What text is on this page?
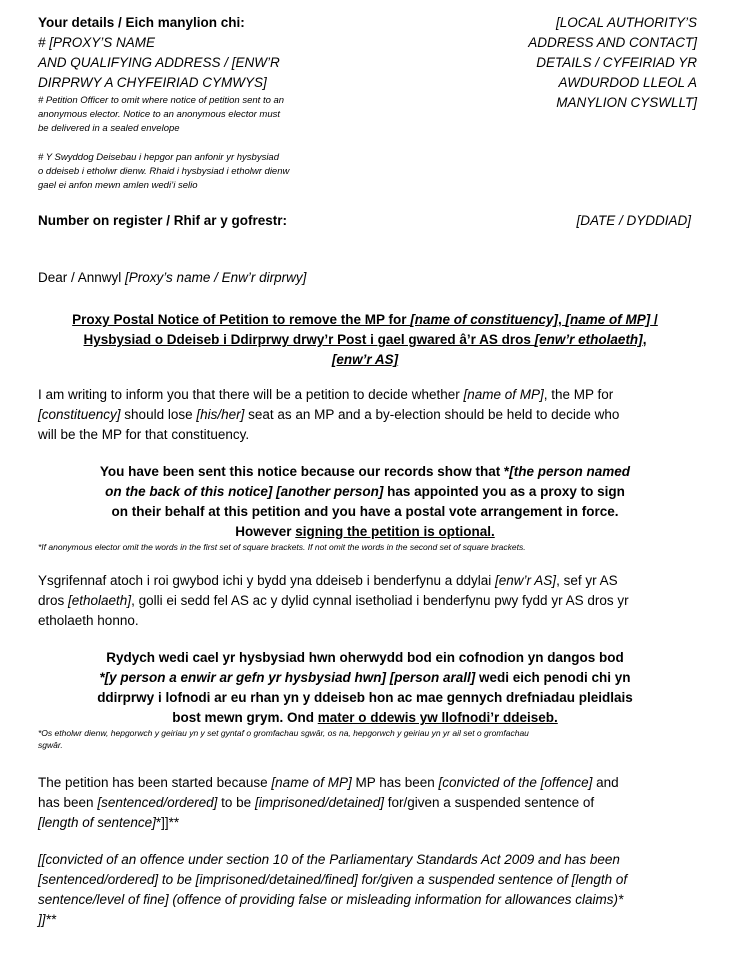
Your details / Eich manylion chi:
# [PROXY’S NAME
AND QUALIFYING ADDRESS / [ENW’R
DIRPRWY A CHYFEIRIAD CYMWYS]
# Petition Officer to omit where notice of petition sent to an
anonymous elector. Notice to an anonymous elector must
be delivered in a sealed envelope
# Y Swyddog Deisebau i hepgor pan anfonir yr hysbysiad
o ddeiseb i etholwr dienw. Rhaid i hysbysiad i etholwr dienw
gael ei anfon mewn amlen wedi’i selio
[LOCAL AUTHORITY’S
ADDRESS AND CONTACT]
DETAILS / CYFEIRIAD YR
AWDURDOD LLEOL A
MANYLION CYSWLLT]
Number on register / Rhif ar y gofrestr:	[DATE / DYDDIAD]
Dear / Annwyl [Proxy’s name / Enw’r dirprwy]
Proxy Postal Notice of Petition to remove the MP for [name of constituency], [name of MP] /
Hysbysiad o Ddeiseb i Ddirprwy drwy’r Post i gael gwared â’r AS dros [enw’r etholaeth],
[enw’r AS]
I am writing to inform you that there will be a petition to decide whether [name of MP], the MP for
[constituency] should lose [his/her] seat as an MP and a by-election should be held to decide who
will be the MP for that constituency.
You have been sent this notice because our records show that *[the person named
on the back of this notice] [another person] has appointed you as a proxy to sign
on their behalf at this petition and you have a postal vote arrangement in force.
However signing the petition is optional.
*If anonymous elector omit the words in the first set of square brackets. If not omit the words in the second set of square brackets.
Ysgrifennaf atoch i roi gwybod ichi y bydd yna ddeiseb i benderfynu a ddylai [enw’r AS], sef yr AS
dros [etholaeth], golli ei sedd fel AS ac y dylid cynnal isetholiad i benderfynu pwy fydd yr AS dros yr
etholaeth honno.
Rydych wedi cael yr hysbysiad hwn oherwydd bod ein cofnodion yn dangos bod
*[y person a enwir ar gefn yr hysbysiad hwn] [person arall] wedi eich penodi chi yn
ddirprwy i lofnodi ar eu rhan yn y ddeiseb hon ac mae gennych drefniadau pleidlais
bost mewn grym. Ond mater o ddewis yw llofnodi’r ddeiseb.
*Os etholwr dienw, hepgorwch y geiriau yn y set gyntaf o gromfachau sgwâr, os na, hepgorwch y geiriau yn yr ail set o gromfachau
sgwâr.
The petition has been started because [name of MP] MP has been [convicted of the [offence] and
has been [sentenced/ordered] to be [imprisoned/detained] for/given a suspended sentence of
[length of sentence]*]]**
[[convicted of an offence under section 10 of the Parliamentary Standards Act 2009 and has been
[sentenced/ordered] to be [imprisoned/detained/fined] for/given a suspended sentence of [length of
sentence/level of fine] (offence of providing false or misleading information for allowances claims)*
]]**
